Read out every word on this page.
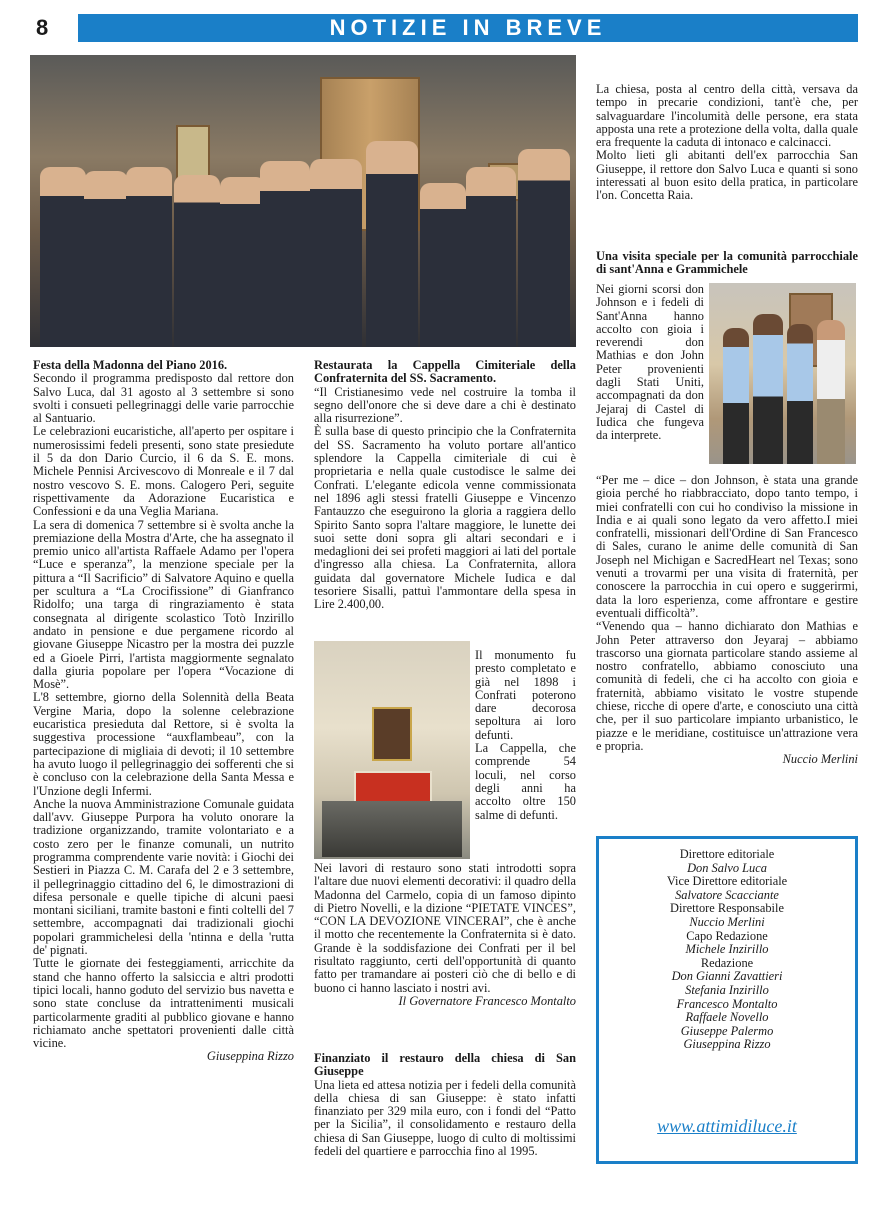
8	NOTIZIE IN BREVE

Festa della Madonna del Piano 2016.

Secondo il programma predisposto dal rettore don Salvo Luca, dal 31 agosto al 3 settembre si sono svolti i consueti pellegrinaggi delle varie parrocchie al Santuario.

Le celebrazioni eucaristiche, all'aperto per ospitare i numerosissimi fedeli presenti, sono state presiedute il 5 da don Dario Curcio, il 6 da S. E. mons. Michele Pennisi Arcivescovo di Monreale e il 7 dal nostro vescovo S. E. mons. Calogero Peri, seguite rispettivamente da Adorazione Eucaristica e Confessioni e da una Veglia Mariana.

La sera di domenica 7 settembre si è svolta anche la premiazione della Mostra d'Arte, che ha assegnato il premio unico all'artista Raffaele Adamo per l'opera “Luce e speranza”, la menzione speciale per la pittura a “Il Sacrificio” di Salvatore Aquino e quella per scultura a “La Crocifissione” di Gianfranco Ridolfo; una targa di ringraziamento è stata consegnata al dirigente scolastico Totò Inzirillo andato in pensione e due pergamene ricordo al giovane Giuseppe Nicastro per la mostra dei puzzle ed a Gioele Pirri, l'artista maggiormente segnalato dalla giuria popolare per l'opera “Vocazione di Mosè”.

L'8 settembre, giorno della Solennità della Beata Vergine Maria, dopo la solenne celebrazione eucaristica presieduta dal Rettore, si è svolta la suggestiva processione “auxflambeau”, con la partecipazione di migliaia di devoti; il 10 settembre ha avuto luogo il pellegrinaggio dei sofferenti che si è concluso con la celebrazione della Santa Messa e l'Unzione degli Infermi.

Anche la nuova Amministrazione Comunale guidata dall'avv. Giuseppe Purpora ha voluto onorare la tradizione organizzando, tramite volontariato e a costo zero per le finanze comunali, un nutrito programma comprendente varie novità: i Giochi dei Sestieri in Piazza C. M. Carafa del 2 e 3 settembre, il pellegrinaggio cittadino del 6, le dimostrazioni di difesa personale e quelle tipiche di alcuni paesi montani siciliani, tramite bastoni e finti coltelli del 7 settembre, accompagnati dai tradizionali giochi popolari grammichelesi della 'ntinna e della 'rutta de' pignati.

Tutte le giornate dei festeggiamenti, arricchite da stand che hanno offerto la salsiccia e altri prodotti tipici locali, hanno goduto del servizio bus navetta e sono state concluse da intrattenimenti musicali particolarmente graditi al pubblico giovane e hanno richiamato anche spettatori provenienti dalle città vicine.

Giuseppina Rizzo

Restaurata la Cappella Cimiteriale della Confraternita del SS. Sacramento.

“Il Cristianesimo vede nel costruire la tomba il segno dell'onore che si deve dare a chi è destinato alla risurrezione”.

È sulla base di questo principio che la Confraternita del SS. Sacramento ha voluto portare all'antico splendore la Cappella cimiteriale di cui è proprietaria e nella quale custodisce le salme dei Confrati. L'elegante edicola venne commissionata nel 1896 agli stessi fratelli Giuseppe e Vincenzo Fantauzzo che eseguirono la gloria a raggiera dello Spirito Santo sopra l'altare maggiore, le lunette dei suoi sette doni sopra gli altari secondari e i medaglioni dei sei profeti maggiori ai lati del portale d'ingresso alla chiesa. La Confraternita, allora guidata dal governatore Michele Iudica e dal tesoriere Sisalli, pattuì l'ammontare della spesa in Lire 2.400,00.

Il monumento fu presto completato e già nel 1898 i Confrati poterono dare decorosa sepoltura ai loro defunti.

La Cappella, che comprende 54 loculi, nel corso degli anni ha accolto oltre 150 salme di defunti.

Nei lavori di restauro sono stati introdotti sopra l'altare due nuovi elementi decorativi: il quadro della Madonna del Carmelo, copia di un famoso dipinto di Pietro Novelli, e la dizione “PIETATE VINCES”, “CON LA DEVOZIONE VINCERAI”, che è anche il motto che recentemente la Confraternita si è dato. Grande è la soddisfazione dei Confrati per il bel risultato raggiunto, certi dell'opportunità di quanto fatto per tramandare ai posteri ciò che di bello e di buono ci hanno lasciato i nostri avi.

Il Governatore Francesco Montalto

Finanziato il restauro della chiesa di San Giuseppe

Una lieta ed attesa notizia per i fedeli della comunità della chiesa di san Giuseppe: è stato infatti finanziato per 329 mila euro, con i fondi del “Patto per la Sicilia”, il consolidamento e restauro della chiesa di San Giuseppe, luogo di culto di moltissimi fedeli del quartiere e parrocchia fino al 1995.

La chiesa, posta al centro della città, versava da tempo in precarie condizioni, tant'è che, per salvaguardare l'incolumità delle persone, era stata apposta una rete a protezione della volta, dalla quale era frequente la caduta di intonaco e calcinacci.

Molto lieti gli abitanti dell'ex parrocchia San Giuseppe, il rettore don Salvo Luca e quanti si sono interessati al buon esito della pratica, in particolare l'on. Concetta Raia.

Una visita speciale per la comunità parrocchiale di sant'Anna e Grammichele

Nei giorni scorsi don Johnson e i fedeli di Sant'Anna hanno accolto con gioia i reverendi don Mathias e don John Peter provenienti dagli Stati Uniti, accompagnati da don Jejaraj di Castel di Iudica che fungeva da interprete.

“Per me – dice – don Johnson, è stata una grande gioia perché ho riabbracciato, dopo tanto tempo, i miei confratelli con cui ho condiviso la missione in India e ai quali sono legato da vero affetto.I miei confratelli, missionari dell'Ordine di San Francesco di Sales, curano le anime delle comunità di San Joseph nel Michigan e SacredHeart nel Texas; sono venuti a trovarmi per una visita di fraternità, per conoscere la parrocchia in cui opero e suggerirmi, data la loro esperienza, come affrontare e gestire eventuali difficoltà”.

“Venendo qua – hanno dichiarato don Mathias e John Peter attraverso don Jeyaraj – abbiamo trascorso una giornata particolare stando assieme al nostro confratello, abbiamo conosciuto una comunità di fedeli, che ci ha accolto con gioia e fraternità, abbiamo visitato le vostre stupende chiese, ricche di opere d'arte, e conosciuto una città che, per il suo particolare impianto urbanistico, le piazze e le meridiane, costituisce un'attrazione vera e propria.

Nuccio Merlini

Direttore editoriale
Don Salvo Luca
Vice Direttore editoriale
Salvatore Scacciante
Direttore Responsabile
Nuccio Merlini
Capo Redazione
Michele Inzirillo
Redazione
Don Gianni Zavattieri
Stefania Inzirillo
Francesco Montalto
Raffaele Novello
Giuseppe Palermo
Giuseppina Rizzo
www.attimidiluce.it
